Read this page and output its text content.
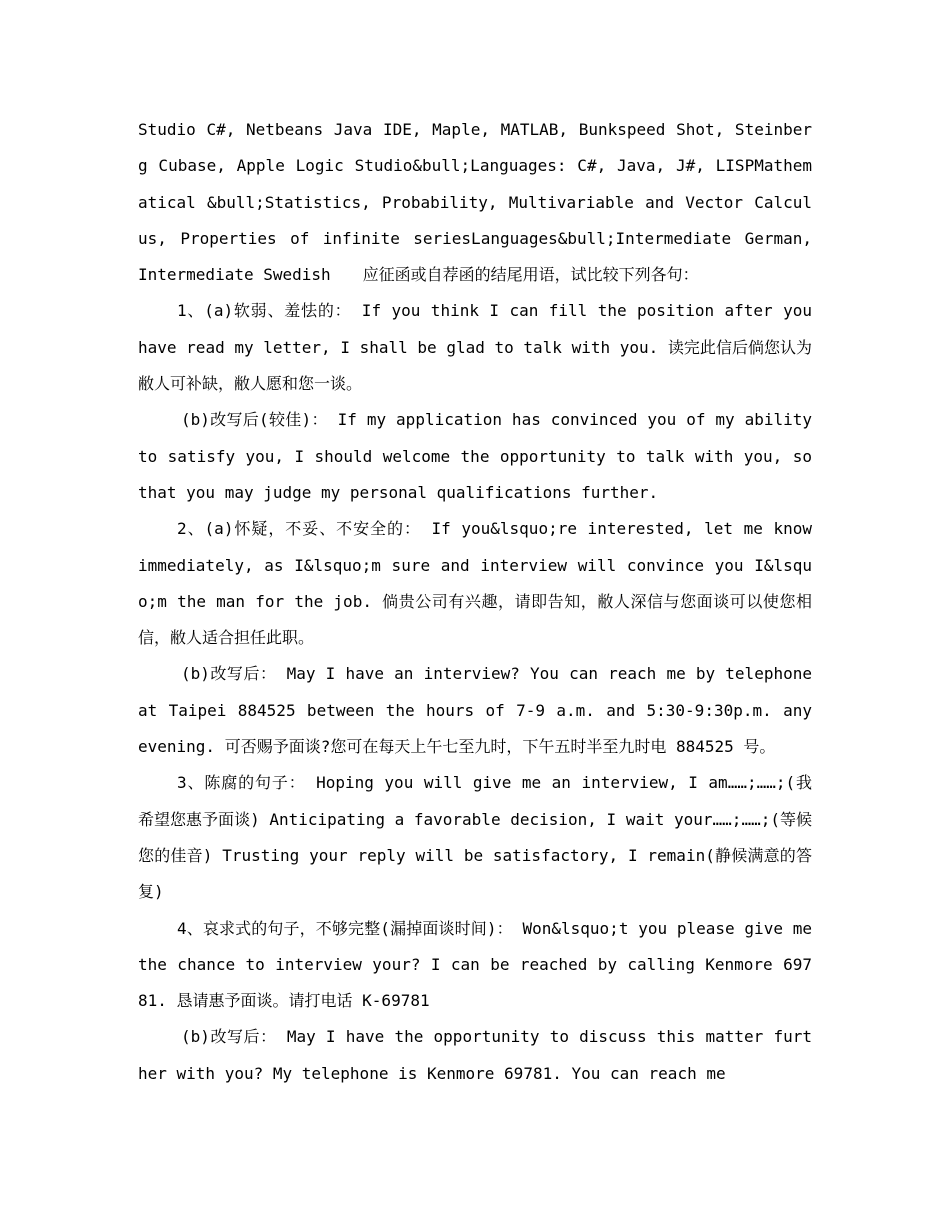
Studio C#, Netbeans Java IDE, Maple, MATLAB, Bunkspeed Shot, Steinberg Cubase, Apple Logic Studio&bull;Languages: C#, Java, J#, LISPMathematical &bull;Statistics, Probability, Multivariable and Vector Calculus, Properties of infinite seriesLanguages&bull;Intermediate German, Intermediate Swedish　　应征函或自荐函的结尾用语，试比较下列各句：

1、(a)软弱、羞怯的： If you think I can fill the position after you have read my letter, I shall be glad to talk with you. 读完此信后倘您认为敝人可补缺，敝人愿和您一谈。

(b)改写后(较佳)： If my application has convinced you of my ability to satisfy you, I should welcome the opportunity to talk with you, so that you may judge my personal qualifications further.

2、(a)怀疑，不妥、不安全的： If you&lsquo;re interested, let me know immediately, as I&lsquo;m sure and interview will convince you I&lsquo;m the man for the job. 倘贵公司有兴趣，请即告知，敝人深信与您面谈可以使您相信，敝人适合担任此职。

(b)改写后： May I have an interview? You can reach me by telephone at Taipei 884525 between the hours of 7-9 a.m. and 5:30-9:30p.m. any evening. 可否赐予面谈?您可在每天上午七至九时，下午五时半至九时电 884525 号。

3、陈腐的句子： Hoping you will give me an interview, I am……;……;(我希望您惠予面谈) Anticipating a favorable decision, I wait your……;……;(等候您的佳音) Trusting your reply will be satisfactory, I remain(静候满意的答复)

4、哀求式的句子，不够完整(漏掉面谈时间)： Won&lsquo;t you please give me the chance to interview your? I can be reached by calling Kenmore 69781. 恳请惠予面谈。请打电话 K-69781

(b)改写后： May I have the opportunity to discuss this matter further with you? My telephone is Kenmore 69781. You can reach me
